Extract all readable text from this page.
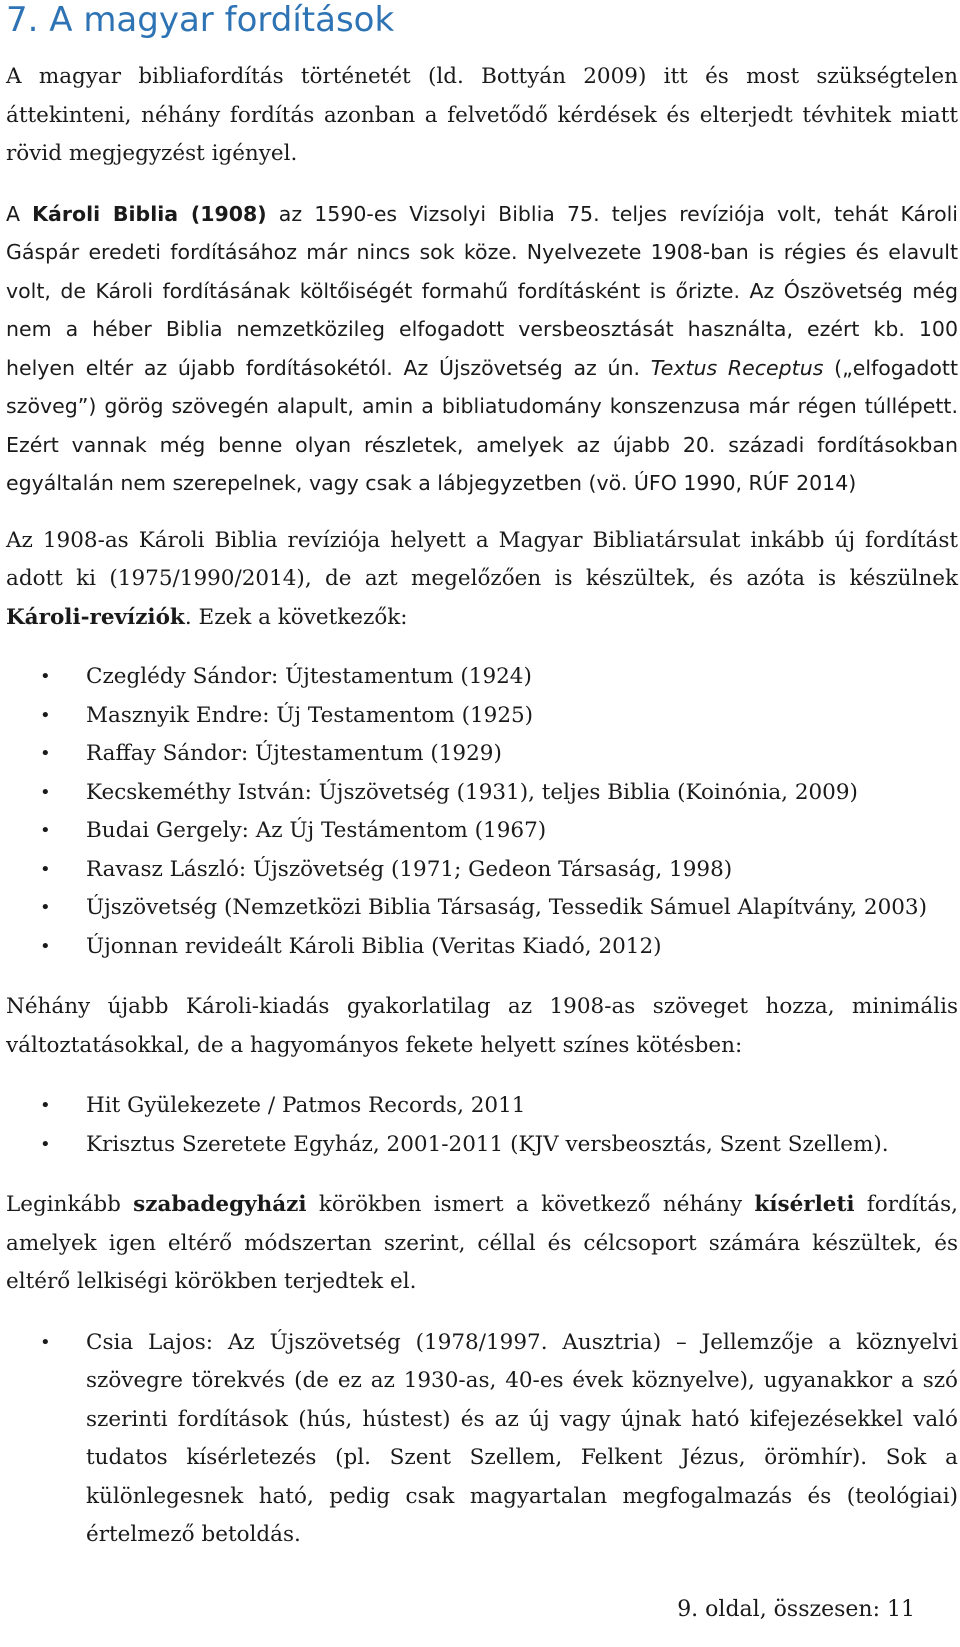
7. A magyar fordítások

A magyar bibliafordítás történetét (ld. Bottyán 2009) itt és most szükségtelen áttekinteni, néhány fordítás azonban a felvetődő kérdések és elterjedt tévhitek miatt rövid megjegyzést igényel.

A Károli Biblia (1908) az 1590-es Vizsolyi Biblia 75. teljes revíziója volt, tehát Károli Gáspár eredeti fordításához már nincs sok köze. Nyelvezete 1908-ban is régies és elavult volt, de Károli fordításának költőiségét formahű fordításként is őrizte. Az Ószövetség még nem a héber Biblia nemzetközileg elfogadott versbeosztását használta, ezért kb. 100 helyen eltér az újabb fordításokétól. Az Újszövetség az ún. Textus Receptus („elfogadott szöveg”) görög szövegén alapult, amin a bibliatudomány konszenzusa már régen túllépett. Ezért vannak még benne olyan részletek, amelyek az újabb 20. századi fordításokban egyáltalán nem szerepelnek, vagy csak a lábjegyzetben (vö. ÚFO 1990, RÚF 2014)

Az 1908-as Károli Biblia revíziója helyett a Magyar Bibliatársulat inkább új fordítást adott ki (1975/1990/2014), de azt megelőzően is készültek, és azóta is készülnek Károli-revíziók. Ezek a következők:

• Czeglédy Sándor: Újtestamentum (1924)
• Masznyik Endre: Új Testamentom (1925)
• Raffay Sándor: Újtestamentum (1929)
• Kecskeméthy István: Újszövetség (1931), teljes Biblia (Koinónia, 2009)
• Budai Gergely: Az Új Testámentom (1967)
• Ravasz László: Újszövetség (1971; Gedeon Társaság, 1998)
• Újszövetség (Nemzetközi Biblia Társaság, Tessedik Sámuel Alapítvány, 2003)
• Újonnan revideált Károli Biblia (Veritas Kiadó, 2012)

Néhány újabb Károli-kiadás gyakorlatilag az 1908-as szöveget hozza, minimális változtatásokkal, de a hagyományos fekete helyett színes kötésben:

• Hit Gyülekezete / Patmos Records, 2011
• Krisztus Szeretete Egyház, 2001-2011 (KJV versbeosztás, Szent Szellem).

Leginkább szabadegyházi körökben ismert a következő néhány kísérleti fordítás, amelyek igen eltérő módszertan szerint, céllal és célcsoport számára készültek, és eltérő lelkiségi körökben terjedtek el.

• Csia Lajos: Az Újszövetség (1978/1997. Ausztria) – Jellemzője a köznyelvi szövegre törekvés (de ez az 1930-as, 40-es évek köznyelve), ugyanakkor a szó szerinti fordítások (hús, hústest) és az új vagy újnak ható kifejezésekkel való tudatos kísérletezés (pl. Szent Szellem, Felkent Jézus, örömhír). Sok a különlegesnek ható, pedig csak magyartalan megfogalmazás és (teológiai) értelmező betoldás.
9. oldal, összesen: 11
